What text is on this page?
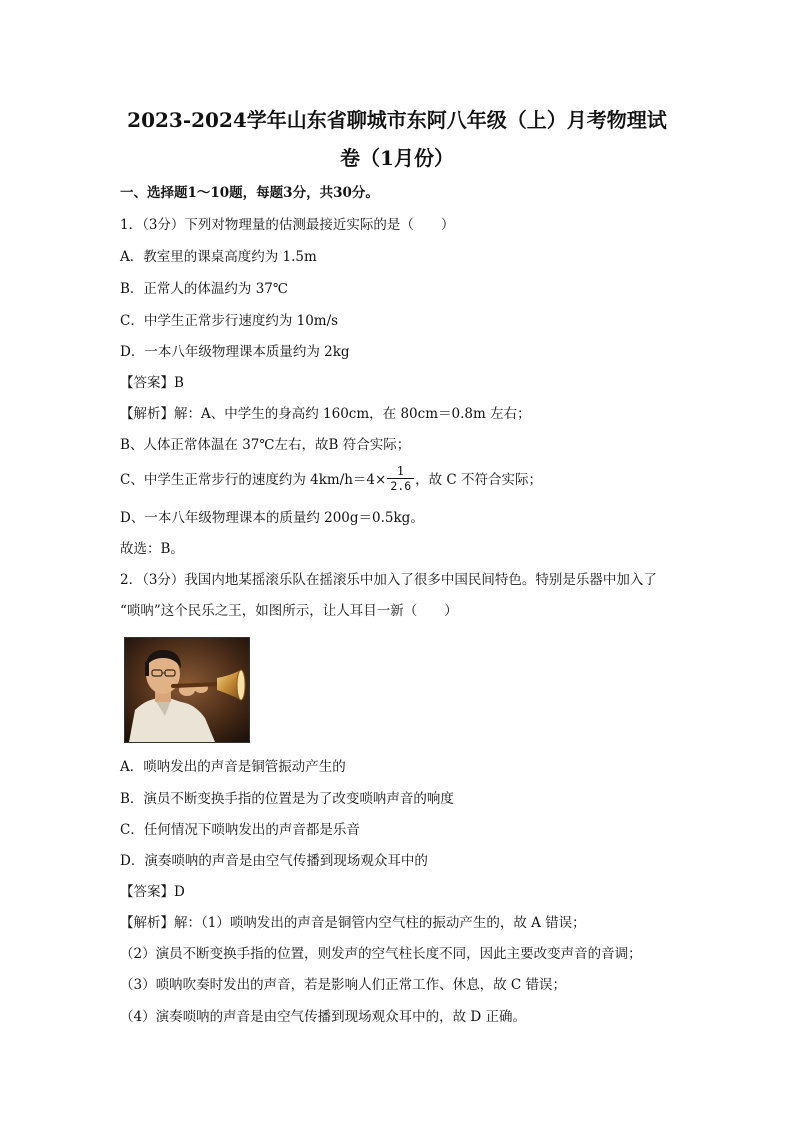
2023-2024学年山东省聊城市东阿八年级（上）月考物理试
卷（1月份）
一、选择题1～10题，每题3分，共30分。
1．（3分）下列对物理量的估测最接近实际的是（　　）
A．教室里的课桌高度约为 1.5m
B．正常人的体温约为 37℃
C．中学生正常步行速度约为 10m/s
D．一本八年级物理课本质量约为 2kg
【答案】B
【解析】解：A、中学生的身高约 160cm，在 80cm＝0.8m 左右；
B、人体正常体温在 37℃左右，故B 符合实际；
C、中学生正常步行的速度约为 $4km/h=4\times \frac{1}{2.6}$ ，故 C 不符合实际；
D、一本八年级物理课本的质量约 200g＝0.5kg。
故选：B。
2．（3分）我国内地某摇滚乐队在摇滚乐中加入了很多中国民间特色。特别是乐器中加入了
“唢呐”这个民乐之王，如图所示，让人耳目一新（　　）
A．唢呐发出的声音是铜管振动产生的
B．演员不断变换手指的位置是为了改变唢呐声音的响度
C．任何情况下唢呐发出的声音都是乐音
D．演奏唢呐的声音是由空气传播到现场观众耳中的
【答案】D
【解析】解：（1）唢呐发出的声音是铜管内空气柱的振动产生的，故 A 错误；
（2）演员不断变换手指的位置，则发声的空气柱长度不同，因此主要改变声音的音调；
（3）唢呐吹奏时发出的声音，若是影响人们正常工作、休息，故 C 错误；
（4）演奏唢呐的声音是由空气传播到现场观众耳中的，故 D 正确。
